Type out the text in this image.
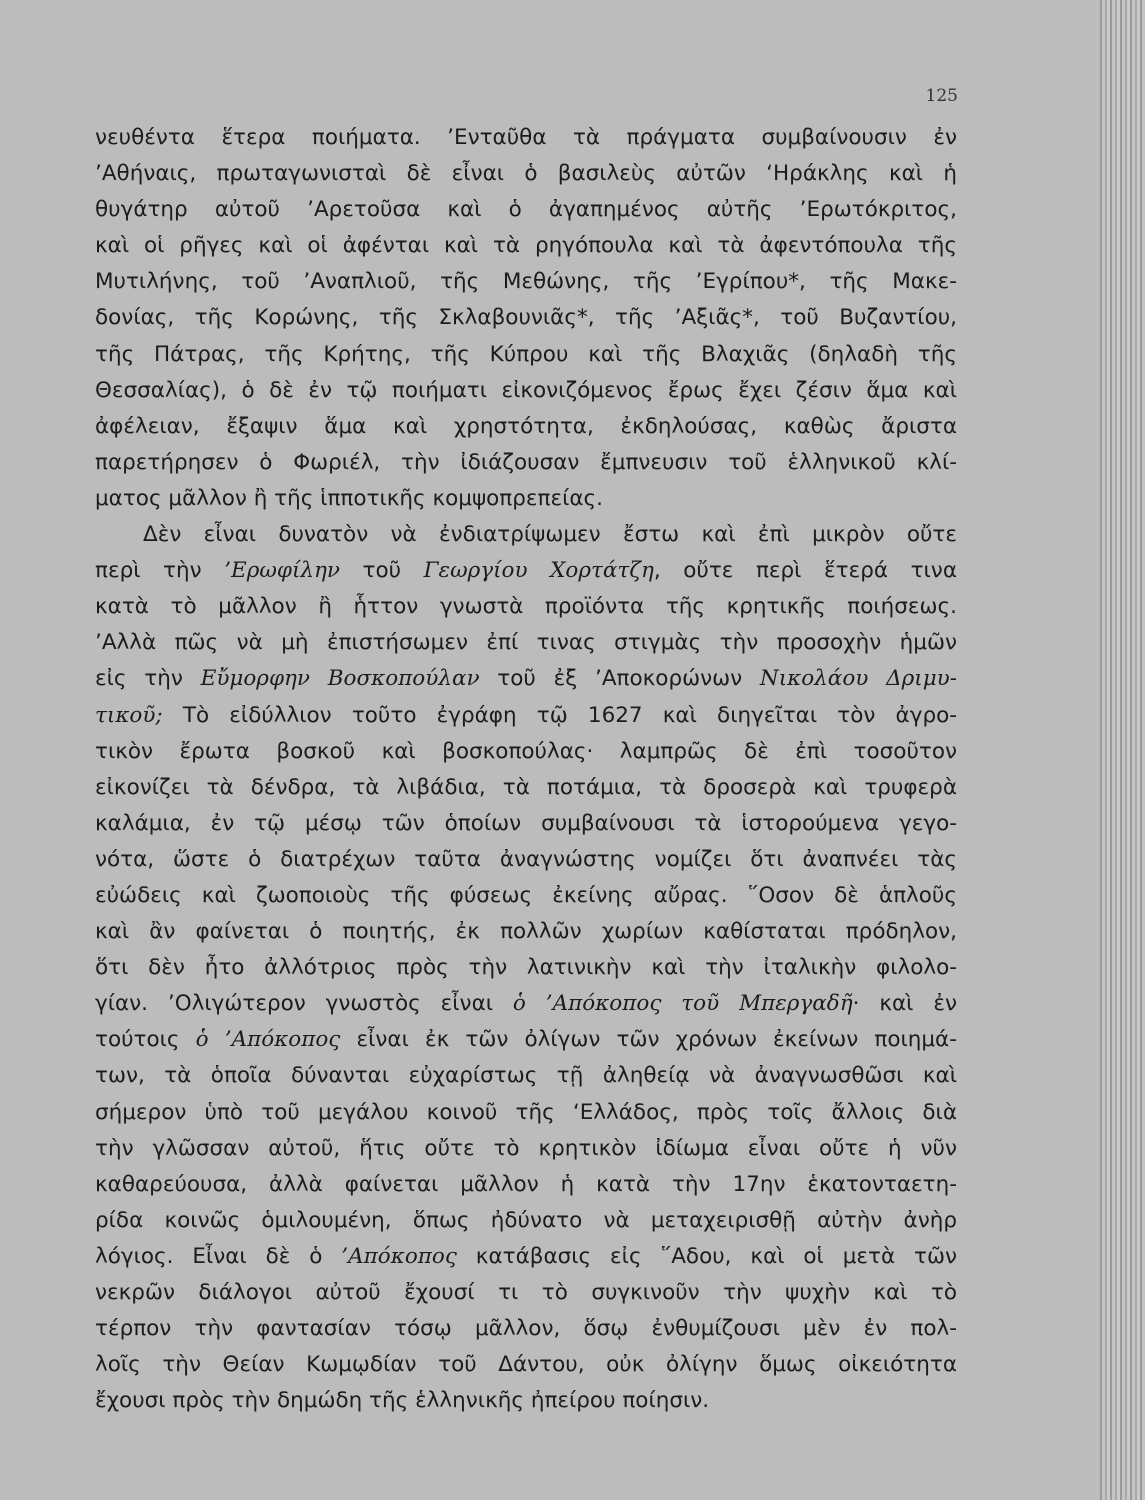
125
νευθέντα ἕτερα ποιήματα. ’Ενταῦθα τὰ πράγματα συμβαίνουσιν ἐν
’Αθήναις, πρωταγωνισταὶ δὲ εἶναι ὁ βασιλεὺς αὐτῶν ‘Ηράκλης καὶ ἡ
θυγάτηρ αὐτοῦ ’Αρετοῦσα καὶ ὁ ἀγαπημένος αὐτῆς ’Ερωτόκριτος,
καὶ οἱ ρῆγες καὶ οἱ ἀφένται καὶ τὰ ρηγόπουλα καὶ τὰ ἀφεντόπουλα τῆς
Μυτιλήνης, τοῦ ’Αναπλιοῦ, τῆς Μεθώνης, τῆς ’Εγρίπου*, τῆς Μακε-
δονίας, τῆς Κορώνης, τῆς Σκλαβουνιᾶς*, τῆς ’Αξιᾶς*, τοῦ Βυζαντίου,
τῆς Πάτρας, τῆς Κρήτης, τῆς Κύπρου καὶ τῆς Βλαχιᾶς (δηλαδὴ τῆς
Θεσσαλίας), ὁ δὲ ἐν τῷ ποιήματι εἰκονιζόμενος ἔρως ἔχει ζέσιν ἅμα καὶ
ἀφέλειαν, ἔξαψιν ἅμα καὶ χρηστότητα, ἐκδηλούσας, καθὼς ἄριστα
παρετήρησεν ὁ Φωριέλ, τὴν ἰδιάζουσαν ἔμπνευσιν τοῦ ἑλληνικοῦ κλί-
ματος μᾶλλον ἢ τῆς ἱπποτικῆς κομψοπρεπείας.
Δὲν εἶναι δυνατὸν νὰ ἐνδιατρίψωμεν ἔστω καὶ ἐπὶ μικρὸν οὔτε
περὶ τὴν ’Ερωφίλην τοῦ Γεωργίου Χορτάτζη, οὔτε περὶ ἕτερά τινα
κατὰ τὸ μᾶλλον ἢ ἧττον γνωστὰ προϊόντα τῆς κρητικῆς ποιήσεως.
’Αλλὰ πῶς νὰ μὴ ἐπιστήσωμεν ἐπί τινας στιγμὰς τὴν προσοχὴν ἡμῶν
εἰς τὴν Εὔμορφην Βοσκοπούλαν τοῦ ἐξ ’Αποκορώνων Νικολάου Δριμυ-
τικοῦ; Τὸ εἰδύλλιον τοῦτο ἐγράφη τῷ 1627 καὶ διηγεῖται τὸν ἀγρο-
τικὸν ἔρωτα βοσκοῦ καὶ βοσκοπούλας· λαμπρῶς δὲ ἐπὶ τοσοῦτον
εἰκονίζει τὰ δένδρα, τὰ λιβάδια, τὰ ποτάμια, τὰ δροσερὰ καὶ τρυφερὰ
καλάμια, ἐν τῷ μέσῳ τῶν ὁποίων συμβαίνουσι τὰ ἱστορούμενα γεγο-
νότα, ὥστε ὁ διατρέχων ταῦτα ἀναγνώστης νομίζει ὅτι ἀναπνέει τὰς
εὐώδεις καὶ ζωοποιοὺς τῆς φύσεως ἐκείνης αὔρας. ῞Οσον δὲ ἁπλοῦς
καὶ ἂν φαίνεται ὁ ποιητής, ἐκ πολλῶν χωρίων καθίσταται πρόδηλον,
ὅτι δὲν ἦτο ἀλλότριος πρὸς τὴν λατινικὴν καὶ τὴν ἰταλικὴν φιλολο-
γίαν. ’Ολιγώτερον γνωστὸς εἶναι ὁ ’Απόκοπος τοῦ Μπεργαδῆ· καὶ ἐν
τούτοις ὁ ’Απόκοπος εἶναι ἐκ τῶν ὀλίγων τῶν χρόνων ἐκείνων ποιημά-
των, τὰ ὁποῖα δύνανται εὐχαρίστως τῇ ἀληθείᾳ νὰ ἀναγνωσθῶσι καὶ
σήμερον ὑπὸ τοῦ μεγάλου κοινοῦ τῆς ‘Ελλάδος, πρὸς τοῖς ἄλλοις διὰ
τὴν γλῶσσαν αὐτοῦ, ἥτις οὔτε τὸ κρητικὸν ἰδίωμα εἶναι οὔτε ἡ νῦν
καθαρεύουσα, ἀλλὰ φαίνεται μᾶλλον ἡ κατὰ τὴν 17ην ἑκατονταετη-
ρίδα κοινῶς ὁμιλουμένη, ὅπως ἠδύνατο νὰ μεταχειρισθῇ αὐτὴν ἀνὴρ
λόγιος. Εἶναι δὲ ὁ ’Απόκοπος κατάβασις εἰς ῞Αδου, καὶ οἱ μετὰ τῶν
νεκρῶν διάλογοι αὐτοῦ ἔχουσί τι τὸ συγκινοῦν τὴν ψυχὴν καὶ τὸ
τέρπον τὴν φαντασίαν τόσῳ μᾶλλον, ὅσῳ ἐνθυμίζουσι μὲν ἐν πολ-
λοῖς τὴν Θείαν Κωμῳδίαν τοῦ Δάντου, οὐκ ὀλίγην ὅμως οἰκειότητα
ἔχουσι πρὸς τὴν δημώδη τῆς ἑλληνικῆς ἠπείρου ποίησιν.
